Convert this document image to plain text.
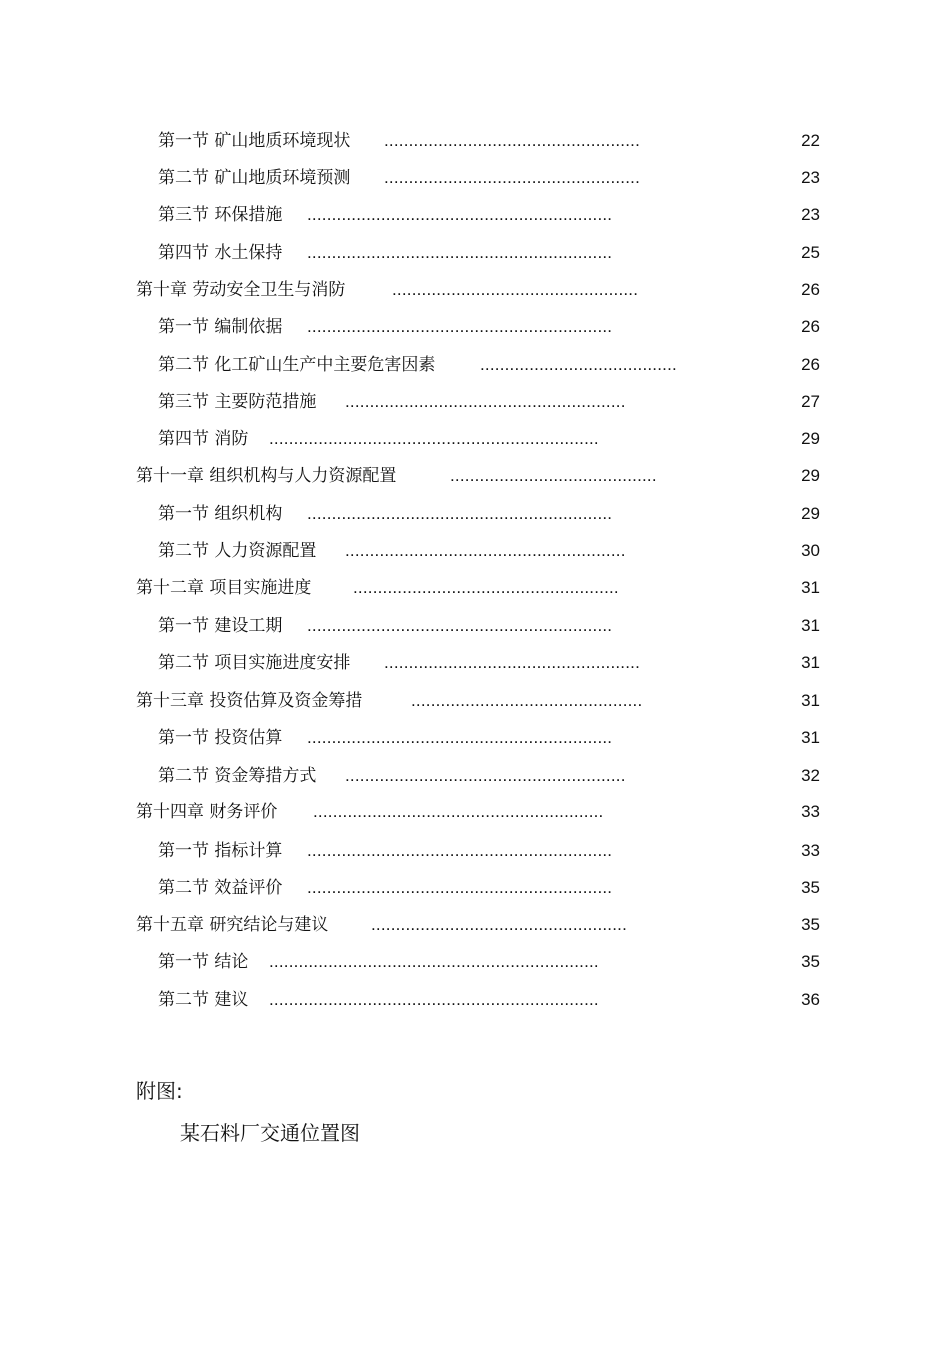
第一节 矿山地质环境现状 ....................................................	22
第二节 矿山地质环境预测 ....................................................	23
第三节 环保措施 ..............................................................	23
第四节 水土保持 ..............................................................	25
第十章 劳动安全卫生与消防	..................................................	26
第一节 编制依据 ..............................................................	26
第二节 化工矿山生产中主要危害因素	........................................	26
第三节 主要防范措施 .........................................................	27
第四节 消防 ...................................................................	29
第十一章 组织机构与人力资源配置	..........................................	29
第一节 组织机构 ..............................................................	29
第二节 人力资源配置 .........................................................	30
第十二章 项目实施进度 ......................................................	31
第一节 建设工期 ..............................................................	31
第二节 项目实施进度安排 ....................................................	31
第十三章 投资估算及资金筹措	...............................................	31
第一节 投资估算 ..............................................................	31
第二节 资金筹措方式 .........................................................	32
第十四章 财务评价 ...........................................................	33
第一节 指标计算 ..............................................................	33
第二节 效益评价 ..............................................................	35
第十五章 研究结论与建议	....................................................	35
第一节 结论 ...................................................................	35
第二节 建议 ...................................................................	36
附图:
某石料厂交通位置图
